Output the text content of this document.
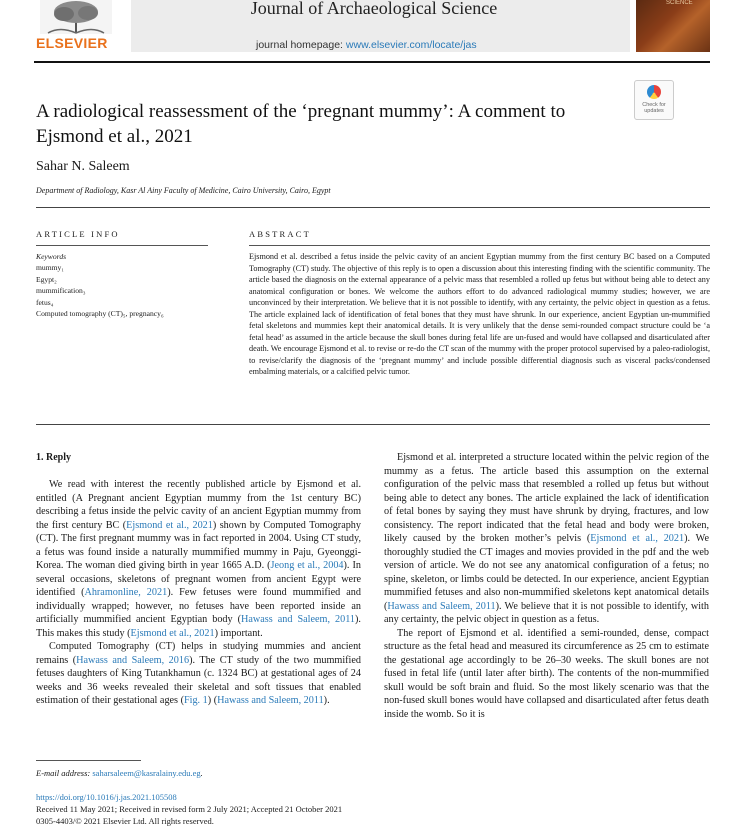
ELSEVIER
Journal of Archaeological Science
journal homepage: www.elsevier.com/locate/jas
SCIENCE
Check for updates
A radiological reassessment of the ‘pregnant mummy’: A comment to Ejsmond et al., 2021
Sahar N. Saleem
Department of Radiology, Kasr Al Ainy Faculty of Medicine, Cairo University, Cairo, Egypt
ARTICLE INFO	ABSTRACT
Keywords
mummy₁
Egypt₂
mummification₃
fetus₄
Computed tomography (CT)₅, pregnancy₆
Ejsmond et al. described a fetus inside the pelvic cavity of an ancient Egyptian mummy from the first century BC based on a Computed Tomography (CT) study. The objective of this reply is to open a discussion about this interesting finding with the scientific community. The article based the diagnosis on the external appearance of a pelvic mass that resembled a rolled up fetus but without being able to detect any anatomical configuration or bones. We welcome the authors effort to do advanced radiological mummy studies; however, we are unconvinced by their interpretation. We believe that it is not possible to identify, with any certainty, the pelvic object in question as a fetus. The article explained lack of identification of fetal bones that they must have shrunk. In our experience, ancient Egyptian un-mummified fetal skeletons and mummies kept their anatomical details. It is very unlikely that the dense semi-rounded compact structure could be ‘a fetal head’ as assumed in the article because the skull bones during fetal life are un-fused and would have collapsed and disarticulated after death. We encourage Ejsmond et al. to revise or re-do the CT scan of the mummy with the proper protocol supervised by a paleo-radiologist, to revise/clarify the diagnosis of the ‘pregnant mummy’ and include possible differential diagnosis such as visceral packs/condensed embalming materials, or a calcified pelvic tumor.
1. Reply

We read with interest the recently published article by Ejsmond et al. entitled (A Pregnant ancient Egyptian mummy from the 1st century BC) describing a fetus inside the pelvic cavity of an ancient Egyptian mummy from the first century BC (Ejsmond et al., 2021) shown by Computed Tomography (CT). The first pregnant mummy was in fact reported in 2004. Using CT study, a fetus was found inside a naturally mummified mummy in Paju, Gyeonggi-Korea. The woman died giving birth in year 1665 A.D. (Jeong et al., 2004). In several occasions, skeletons of pregnant women from ancient Egypt were identified (Ahramonline, 2021). Few fetuses were found mummified and individually wrapped; however, no fetuses have been reported inside an artificially mummified ancient Egyptian body (Hawass and Saleem, 2011). This makes this study (Ejsmond et al., 2021) important.

Computed Tomography (CT) helps in studying mummies and ancient remains (Hawass and Saleem, 2016). The CT study of the two mummified fetuses daughters of King Tutankhamun (c. 1324 BC) at gestational ages of 24 weeks and 36 weeks revealed their skeletal and soft tissues that enabled estimation of their gestational ages (Fig. 1) (Hawass and Saleem, 2011).

Ejsmond et al. interpreted a structure located within the pelvic region of the mummy as a fetus. The article based this assumption on the external configuration of the pelvic mass that resembled a rolled up fetus but without being able to detect any bones. The article explained the lack of identification of fetal bones by saying they must have shrunk by drying, fractures, and low consistency. The report indicated that the fetal head and body were broken, likely caused by the broken mother’s pelvis (Ejsmond et al., 2021). We thoroughly studied the CT images and movies provided in the pdf and the web version of article. We do not see any anatomical configuration of a fetus; no spine, skeleton, or limbs could be detected. In our experience, ancient Egyptian mummified fetuses and also non-mummified skeletons kept anatomical details (Hawass and Saleem, 2011). We believe that it is not possible to identify, with any certainty, the pelvic object in question as a fetus.

The report of Ejsmond et al. identified a semi-rounded, dense, compact structure as the fetal head and measured its circumference as 25 cm to estimate the gestational age accordingly to be 26–30 weeks. The skull bones are not fused in fetal life (until later after birth). The contents of the non-mummified skull would be soft brain and fluid. So the most likely scenario was that the non-fused skull bones would have collapsed and disarticulated after fetus death inside the womb. So it is

E-mail address: saharsaleem@kasralainy.edu.eg.
https://doi.org/10.1016/j.jas.2021.105508
Received 11 May 2021; Received in revised form 2 July 2021; Accepted 21 October 2021
0305-4403/© 2021 Elsevier Ltd. All rights reserved.
